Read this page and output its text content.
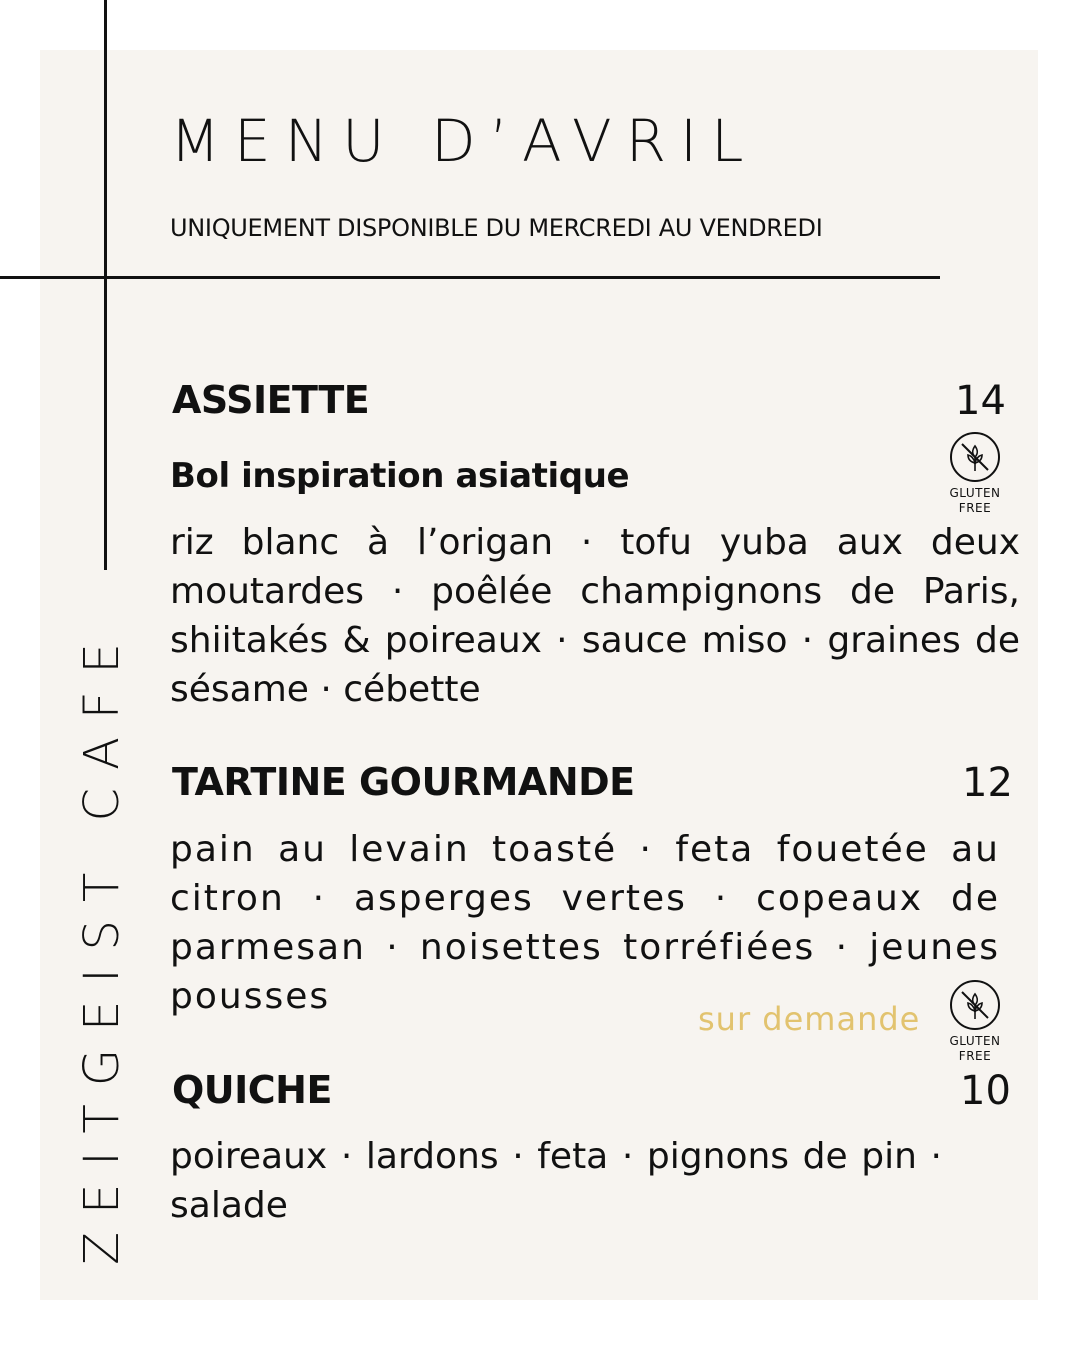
MENU D’AVRIL
UNIQUEMENT DISPONIBLE DU MERCREDI AU VENDREDI
ZEITGEIST CAFE
ASSIETTE	14
Bol inspiration asiatique	GLUTEN FREE

riz blanc à l’origan · tofu yuba aux deux moutardes · poêlée champignons de Paris, shiitakés & poireaux · sauce miso · graines de sésame · cébette

TARTINE GOURMANDE	12

pain au levain toasté · feta fouetée au citron · asperges vertes · copeaux de parmesan · noisettes torréfiées · jeunes pousses

sur demande
GLUTEN FREE
QUICHE	10

poireaux · lardons · feta · pignons de pin · salade
